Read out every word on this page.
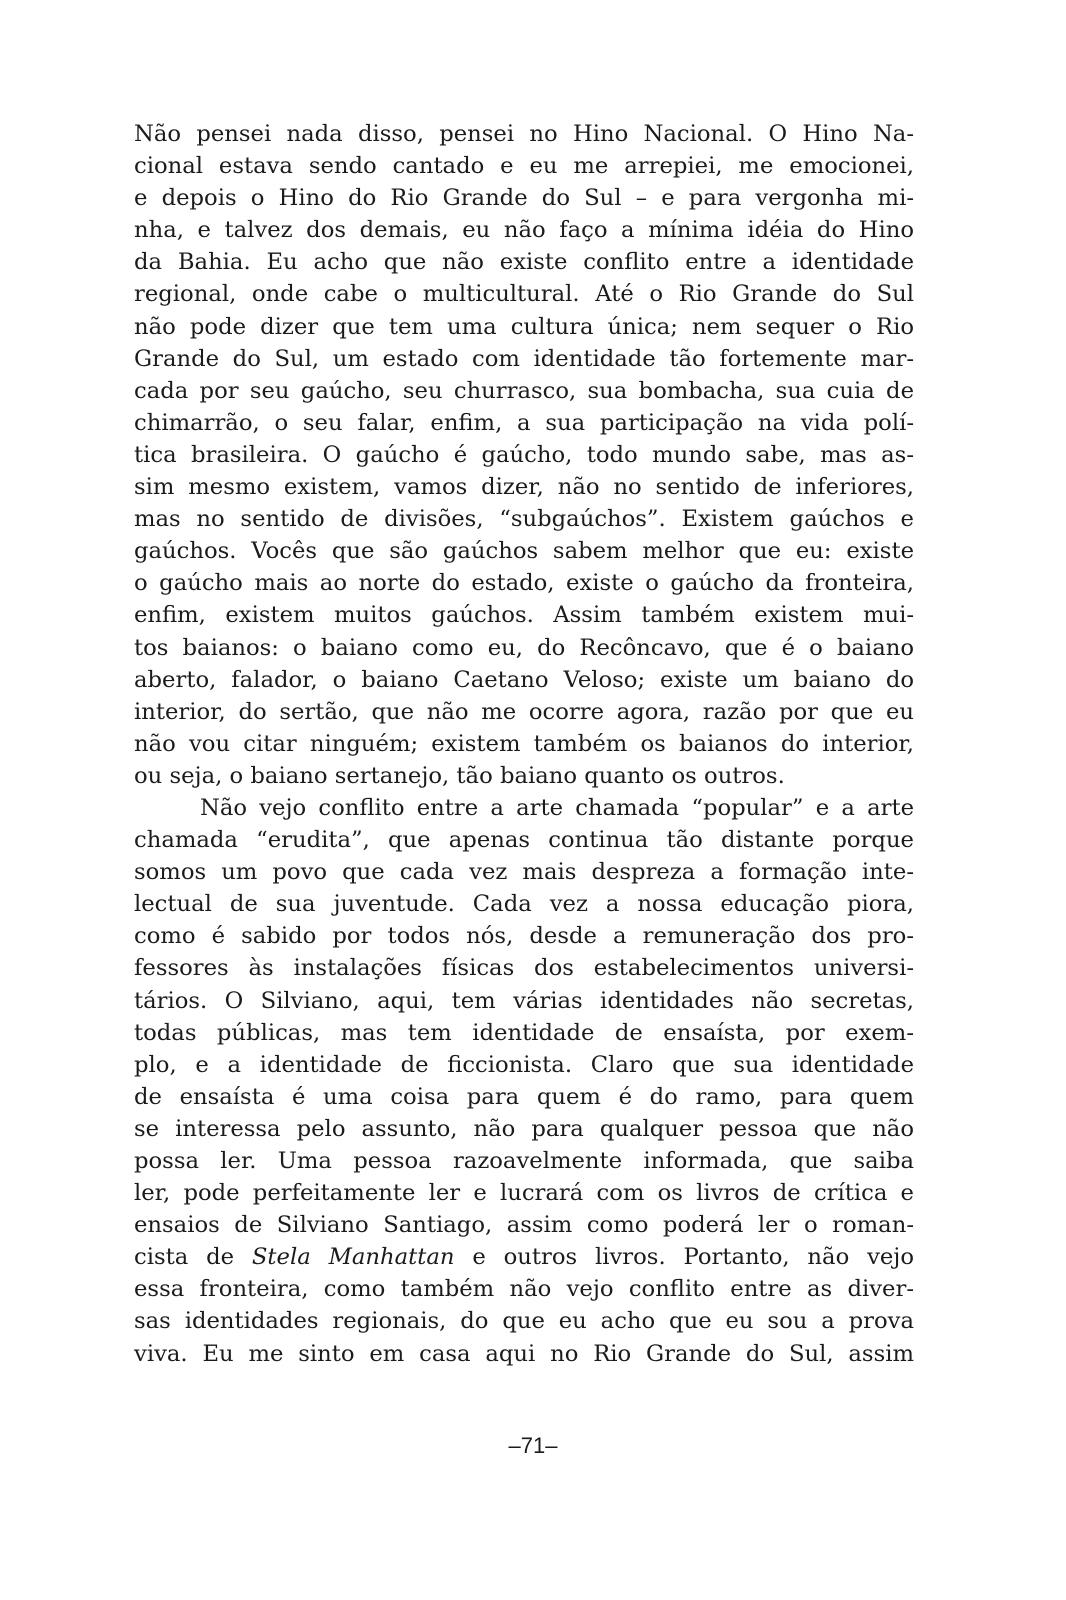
Não pensei nada disso, pensei no Hino Nacional. O Hino Na-
cional estava sendo cantado e eu me arrepiei, me emocionei,
e depois o Hino do Rio Grande do Sul – e para vergonha mi-
nha, e talvez dos demais, eu não faço a mínima idéia do Hino
da Bahia. Eu acho que não existe conflito entre a identidade
regional, onde cabe o multicultural. Até o Rio Grande do Sul
não pode dizer que tem uma cultura única; nem sequer o Rio
Grande do Sul, um estado com identidade tão fortemente mar-
cada por seu gaúcho, seu churrasco, sua bombacha, sua cuia de
chimarrão, o seu falar, enfim, a sua participação na vida polí-
tica brasileira. O gaúcho é gaúcho, todo mundo sabe, mas as-
sim mesmo existem, vamos dizer, não no sentido de inferiores,
mas no sentido de divisões, “subgaúchos”. Existem gaúchos e
gaúchos. Vocês que são gaúchos sabem melhor que eu: existe
o gaúcho mais ao norte do estado, existe o gaúcho da fronteira,
enfim, existem muitos gaúchos. Assim também existem mui-
tos baianos: o baiano como eu, do Recôncavo, que é o baiano
aberto, falador, o baiano Caetano Veloso; existe um baiano do
interior, do sertão, que não me ocorre agora, razão por que eu
não vou citar ninguém; existem também os baianos do interior,
ou seja, o baiano sertanejo, tão baiano quanto os outros.
Não vejo conflito entre a arte chamada “popular” e a arte
chamada “erudita”, que apenas continua tão distante porque
somos um povo que cada vez mais despreza a formação inte-
lectual de sua juventude. Cada vez a nossa educação piora,
como é sabido por todos nós, desde a remuneração dos pro-
fessores às instalações físicas dos estabelecimentos universi-
tários. O Silviano, aqui, tem várias identidades não secretas,
todas públicas, mas tem identidade de ensaísta, por exem-
plo, e a identidade de ficcionista. Claro que sua identidade
de ensaísta é uma coisa para quem é do ramo, para quem
se interessa pelo assunto, não para qualquer pessoa que não
possa ler. Uma pessoa razoavelmente informada, que saiba
ler, pode perfeitamente ler e lucrará com os livros de crítica e
ensaios de Silviano Santiago, assim como poderá ler o roman-
cista de Stela Manhattan e outros livros. Portanto, não vejo
essa fronteira, como também não vejo conflito entre as diver-
sas identidades regionais, do que eu acho que eu sou a prova
viva. Eu me sinto em casa aqui no Rio Grande do Sul, assim
–71–
